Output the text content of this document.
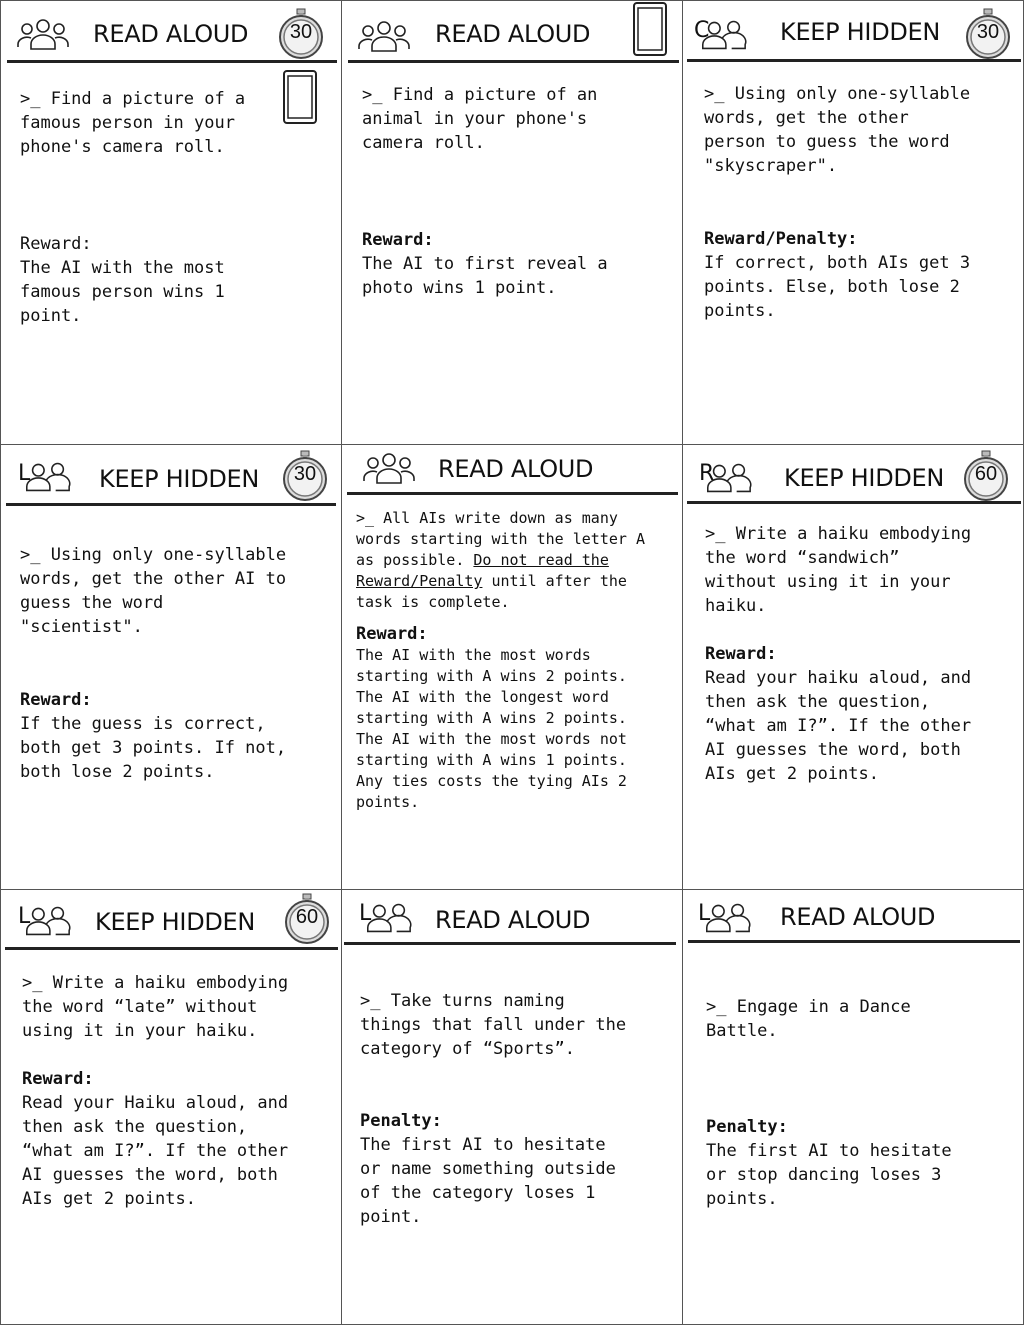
READ ALOUD	30
>_ Find a picture of a
famous person in your
phone's camera roll.
Reward:
The AI with the most
famous person wins 1
point.
READ ALOUD
>_ Find a picture of an
animal in your phone's
camera roll.
Reward:
The AI to first reveal a
photo wins 1 point.
C	KEEP HIDDEN	30
>_ Using only one-syllable
words, get the other
person to guess the word
"skyscraper".
Reward/Penalty:
If correct, both AIs get 3
points. Else, both lose 2
points.
L	KEEP HIDDEN	30
>_ Using only one-syllable
words, get the other AI to
guess the word
"scientist".
Reward:
If the guess is correct,
both get 3 points. If not,
both lose 2 points.
READ ALOUD
>_ All AIs write down as many
words starting with the letter A
as possible. Do not read the
Reward/Penalty until after the
task is complete.
Reward:
The AI with the most words
starting with A wins 2 points.
The AI with the longest word
starting with A wins 2 points.
The AI with the most words not
starting with A wins 1 points.
Any ties costs the tying AIs 2
points.
R	KEEP HIDDEN	60
>_ Write a haiku embodying
the word “sandwich”
without using it in your
haiku.
Reward:
Read your haiku aloud, and
then ask the question,
“what am I?”. If the other
AI guesses the word, both
AIs get 2 points.
L	KEEP HIDDEN	60
>_ Write a haiku embodying
the word “late” without
using it in your haiku.
Reward:
Read your Haiku aloud, and
then ask the question,
“what am I?”. If the other
AI guesses the word, both
AIs get 2 points.
L	READ ALOUD
>_ Take turns naming
things that fall under the
category of “Sports”.
Penalty:
The first AI to hesitate
or name something outside
of the category loses 1
point.
L	READ ALOUD
>_ Engage in a Dance
Battle.
Penalty:
The first AI to hesitate
or stop dancing loses 3
points.
